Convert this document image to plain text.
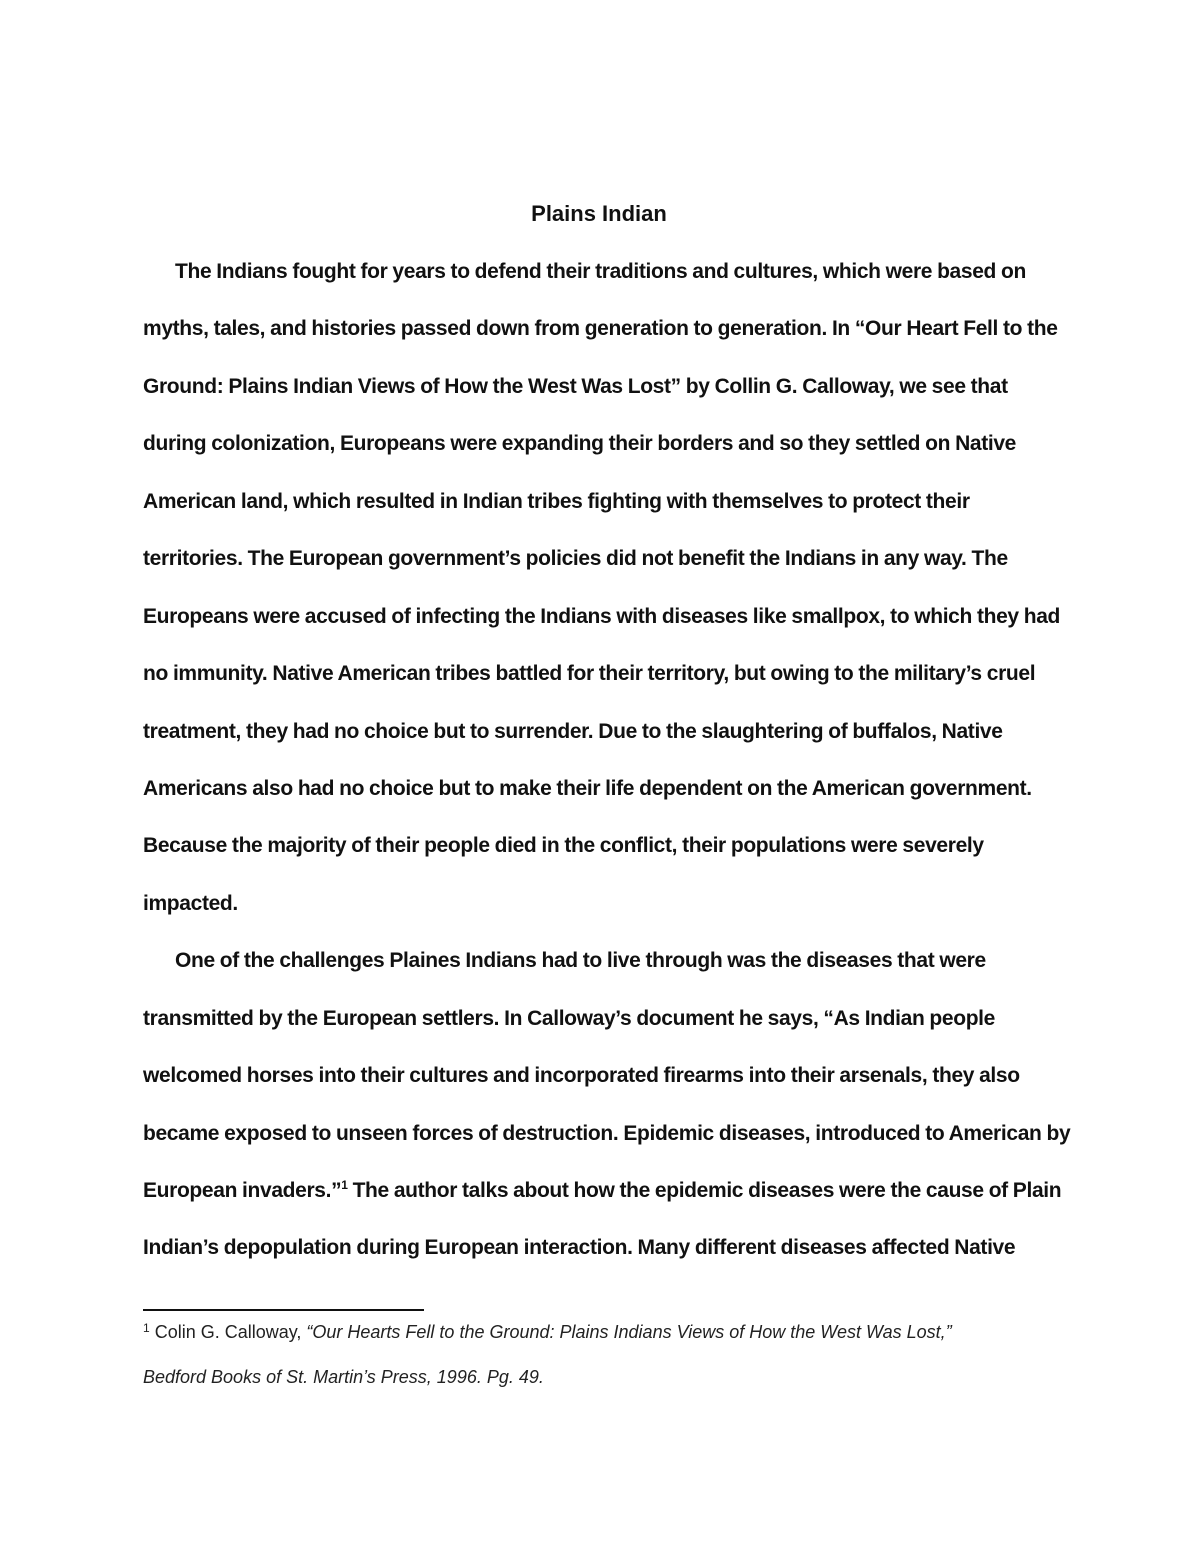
Plains Indian
The Indians fought for years to defend their traditions and cultures, which were based on
myths, tales, and histories passed down from generation to generation. In “Our Heart Fell to the
Ground: Plains Indian Views of How the West Was Lost” by Collin G. Calloway, we see that
during colonization, Europeans were expanding their borders and so they settled on Native
American land, which resulted in Indian tribes fighting with themselves to protect their
territories. The European government’s policies did not benefit the Indians in any way. The
Europeans were accused of infecting the Indians with diseases like smallpox, to which they had
no immunity. Native American tribes battled for their territory, but owing to the military’s cruel
treatment, they had no choice but to surrender. Due to the slaughtering of buffalos, Native
Americans also had no choice but to make their life dependent on the American government.
Because the majority of their people died in the conflict, their populations were severely
impacted.
One of the challenges Plaines Indians had to live through was the diseases that were
transmitted by the European settlers. In Calloway’s document he says, “As Indian people
welcomed horses into their cultures and incorporated firearms into their arsenals, they also
became exposed to unseen forces of destruction. Epidemic diseases, introduced to American by
European invaders.”$^1$ The author talks about how the epidemic diseases were the cause of Plain
Indian’s depopulation during European interaction. Many different diseases affected Native
$^1$ Colin G. Calloway, “Our Hearts Fell to the Ground: Plains Indians Views of How the West Was Lost,”
Bedford Books of St. Martin’s Press, 1996. Pg. 49.
